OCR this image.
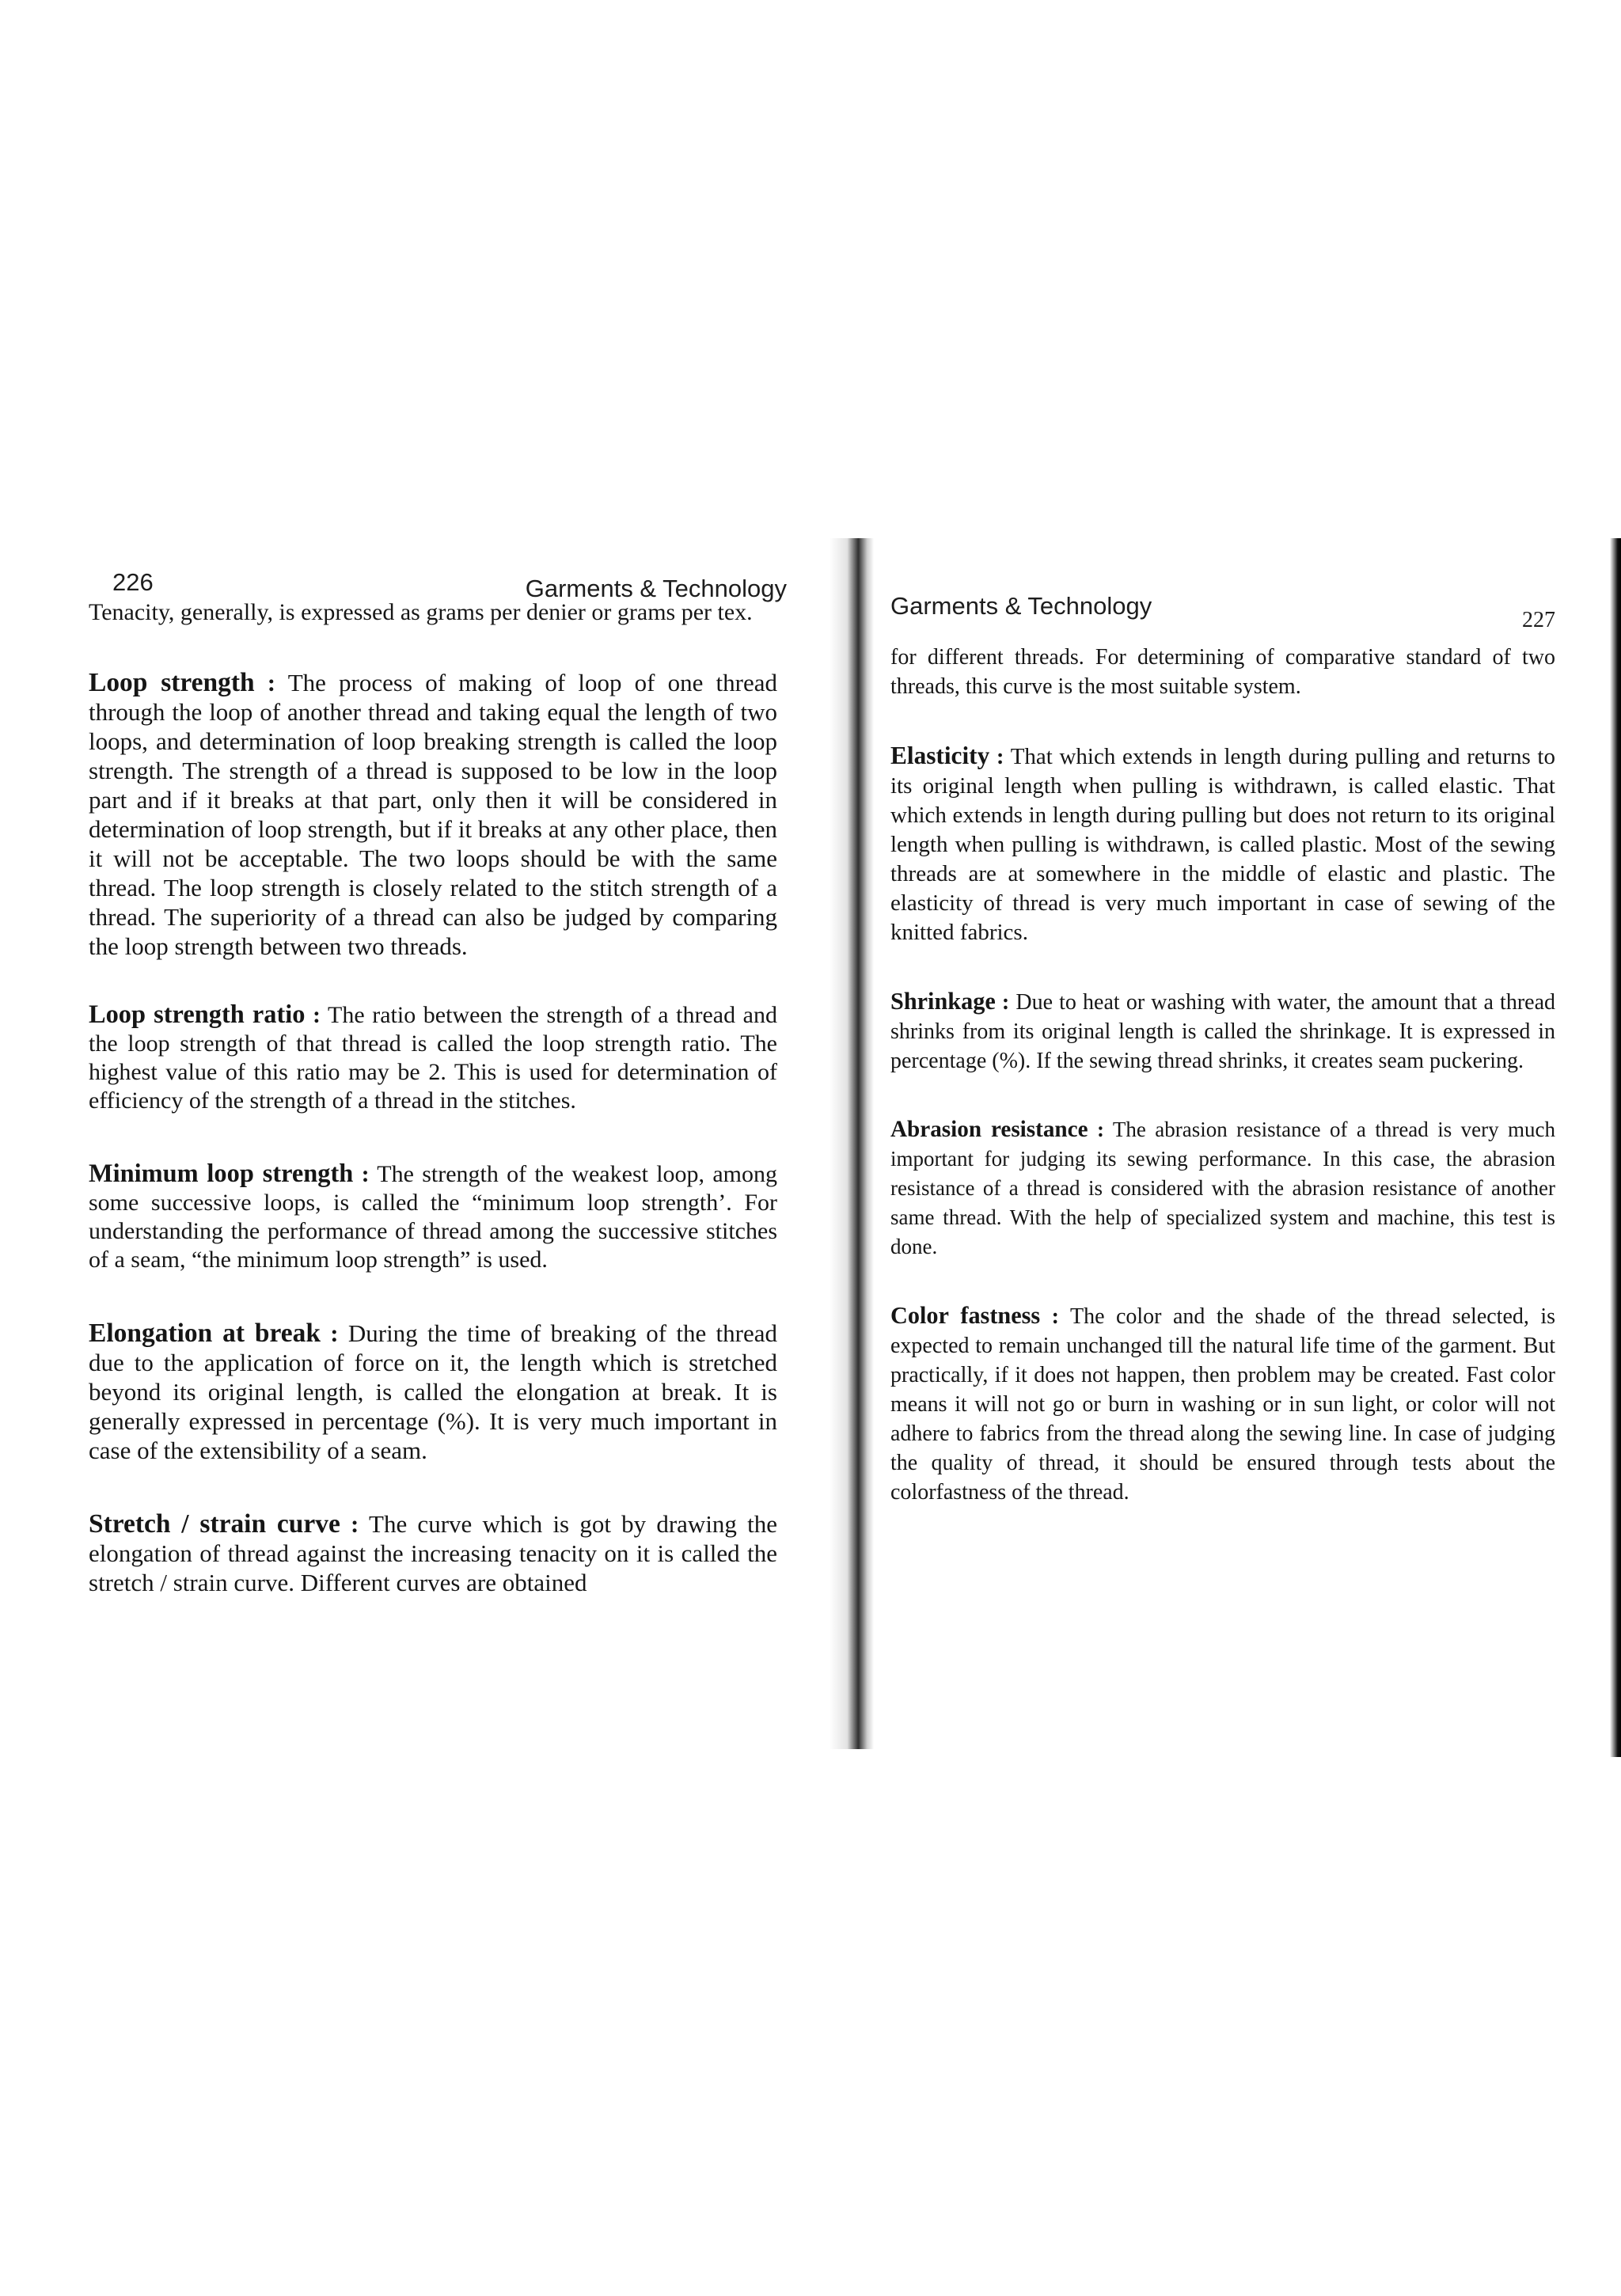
226	Garments & Technology

Tenacity, generally, is expressed as grams per denier or grams per tex.

Loop strength : The process of making of loop of one thread through the loop of another thread and taking equal the length of two loops, and determination of loop breaking strength is called the loop strength. The strength of a thread is supposed to be low in the loop part and if it breaks at that part, only then it will be considered in determination of loop strength, but if it breaks at any other place, then it will not be acceptable. The two loops should be with the same thread. The loop strength is closely related to the stitch strength of a thread. The superiority of a thread can also be judged by comparing the loop strength between two threads.

Loop strength ratio : The ratio between the strength of a thread and the loop strength of that thread is called the loop strength ratio. The highest value of this ratio may be 2. This is used for determination of efficiency of the strength of a thread in the stitches.

Minimum loop strength : The strength of the weakest loop, among some successive loops, is called the “minimum loop strength’. For understanding the performance of thread among the successive stitches of a seam, “the minimum loop strength” is used.

Elongation at break : During the time of breaking of the thread due to the application of force on it, the length which is stretched beyond its original length, is called the elongation at break. It is generally expressed in percentage (%). It is very much important in case of the extensibility of a seam.

Stretch / strain curve : The curve which is got by drawing the elongation of thread against the increasing tenacity on it is called the stretch / strain curve. Different curves are obtained

Garments & Technology
227

for different threads. For determining of comparative standard of two threads, this curve is the most suitable system.

Elasticity : That which extends in length during pulling and returns to its original length when pulling is withdrawn, is called elastic. That which extends in length during pulling but does not return to its original length when pulling is withdrawn, is called plastic. Most of the sewing threads are at somewhere in the middle of elastic and plastic. The elasticity of thread is very much important in case of sewing of the knitted fabrics.

Shrinkage : Due to heat or washing with water, the amount that a thread shrinks from its original length is called the shrinkage. It is expressed in percentage (%). If the sewing thread shrinks, it creates seam puckering.

Abrasion resistance : The abrasion resistance of a thread is very much important for judging its sewing performance. In this case, the abrasion resistance of a thread is considered with the abrasion resistance of another same thread. With the help of specialized system and machine, this test is done.

Color fastness : The color and the shade of the thread selected, is expected to remain unchanged till the natural life time of the garment. But practically, if it does not happen, then problem may be created. Fast color means it will not go or burn in washing or in sun light, or color will not adhere to fabrics from the thread along the sewing line. In case of judging the quality of thread, it should be ensured through tests about the colorfastness of the thread.
